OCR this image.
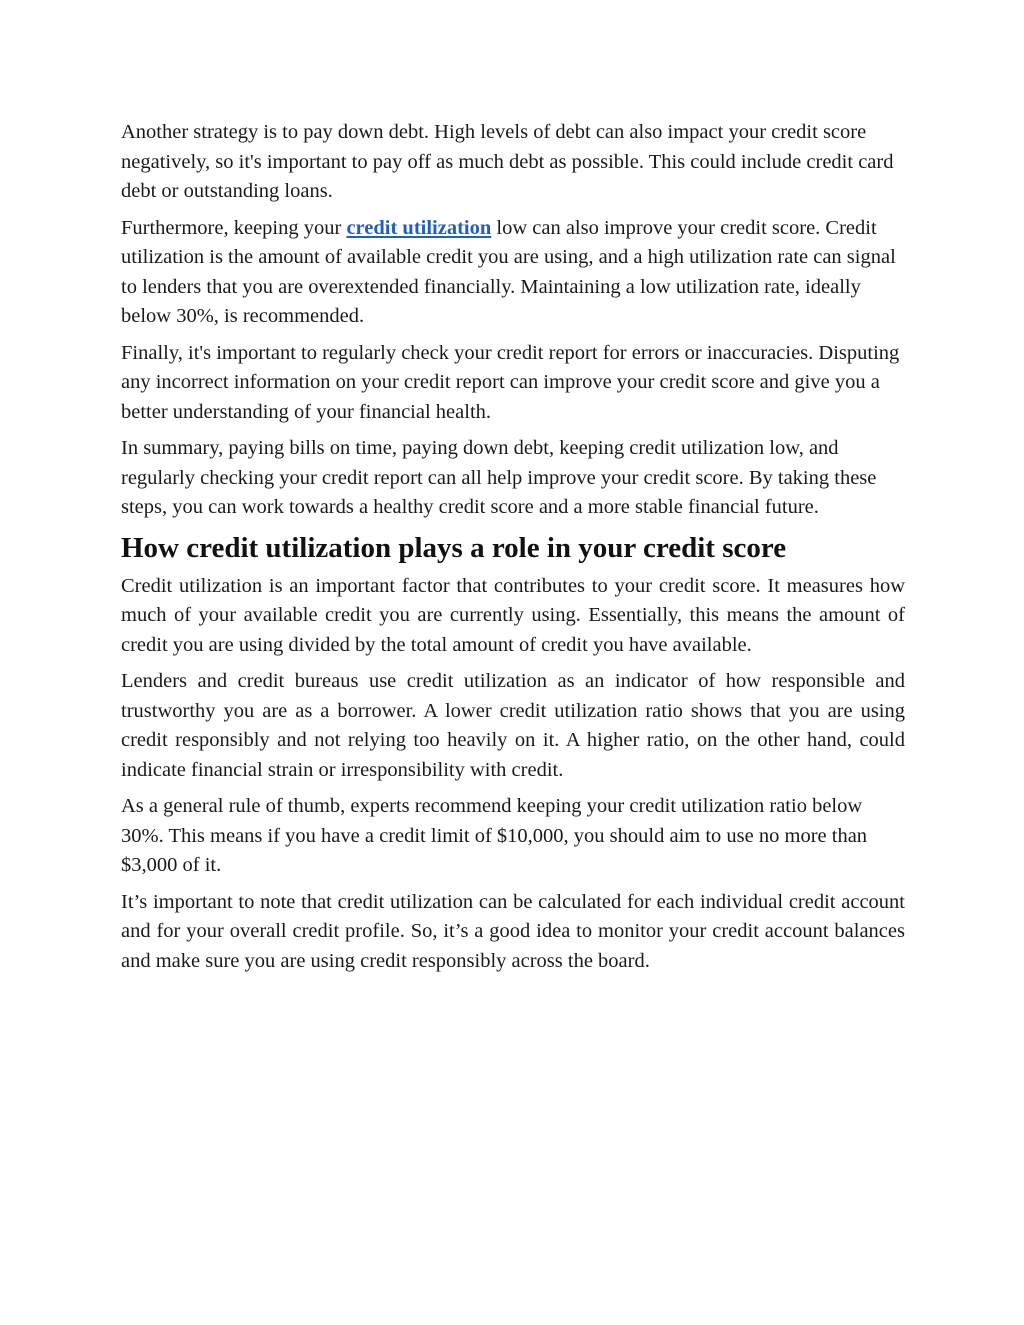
Another strategy is to pay down debt. High levels of debt can also impact your credit score negatively, so it's important to pay off as much debt as possible. This could include credit card debt or outstanding loans.

Furthermore, keeping your credit utilization low can also improve your credit score. Credit utilization is the amount of available credit you are using, and a high utilization rate can signal to lenders that you are overextended financially. Maintaining a low utilization rate, ideally below 30%, is recommended.

Finally, it's important to regularly check your credit report for errors or inaccuracies. Disputing any incorrect information on your credit report can improve your credit score and give you a better understanding of your financial health.

In summary, paying bills on time, paying down debt, keeping credit utilization low, and regularly checking your credit report can all help improve your credit score. By taking these steps, you can work towards a healthy credit score and a more stable financial future.

How credit utilization plays a role in your credit score

Credit utilization is an important factor that contributes to your credit score. It measures how much of your available credit you are currently using. Essentially, this means the amount of credit you are using divided by the total amount of credit you have available.

Lenders and credit bureaus use credit utilization as an indicator of how responsible and trustworthy you are as a borrower. A lower credit utilization ratio shows that you are using credit responsibly and not relying too heavily on it. A higher ratio, on the other hand, could indicate financial strain or irresponsibility with credit.

As a general rule of thumb, experts recommend keeping your credit utilization ratio below 30%. This means if you have a credit limit of $10,000, you should aim to use no more than $3,000 of it.

It’s important to note that credit utilization can be calculated for each individual credit account and for your overall credit profile. So, it’s a good idea to monitor your credit account balances and make sure you are using credit responsibly across the board.
